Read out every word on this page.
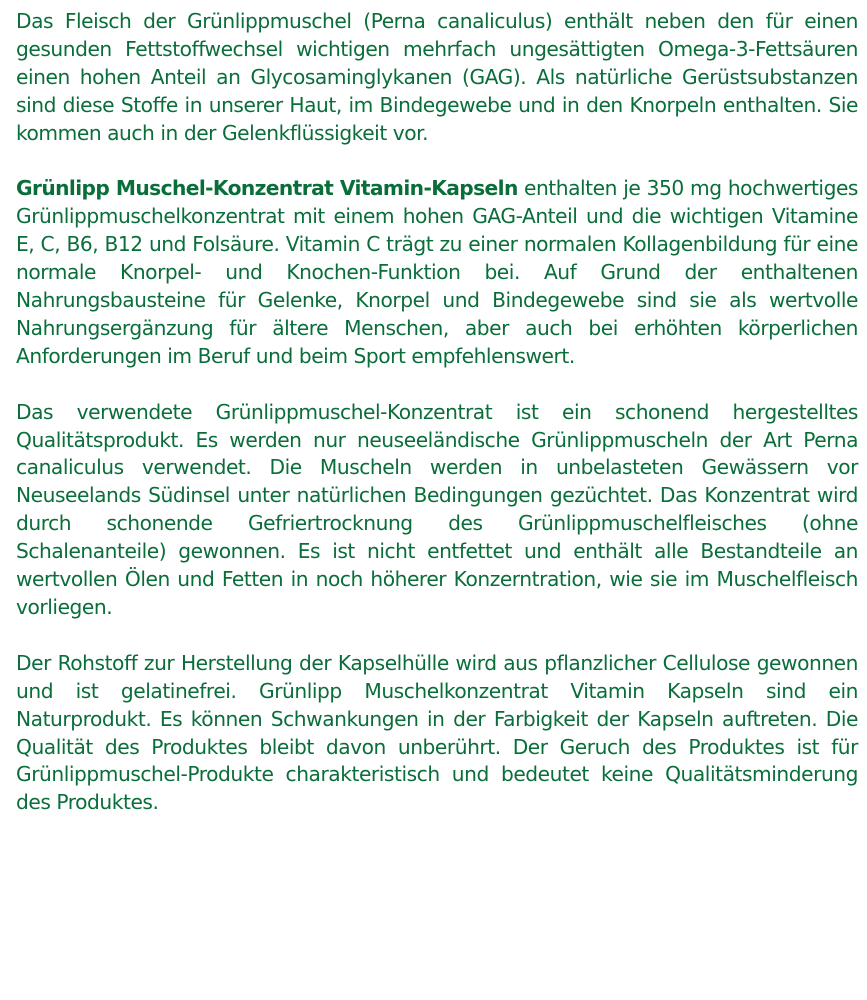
Das Fleisch der Grünlippmuschel (Perna canaliculus) enthält neben den für einen gesunden Fettstoffwechsel wichtigen mehrfach ungesättigten Omega-3-Fettsäuren einen hohen Anteil an Glycosaminglykanen (GAG). Als natürliche Gerüstsubstanzen sind diese Stoffe in unserer Haut, im Bindegewebe und in den Knorpeln enthalten. Sie kommen auch in der Gelenkflüssigkeit vor.

Grünlipp Muschel-Konzentrat Vitamin-Kapseln enthalten je 350 mg hochwertiges Grünlippmuschelkonzentrat mit einem hohen GAG-Anteil und die wichtigen Vitamine E, C, B6, B12 und Folsäure. Vitamin C trägt zu einer normalen Kollagenbildung für eine normale Knorpel- und Knochen-Funktion bei. Auf Grund der enthaltenen Nahrungsbausteine für Gelenke, Knorpel und Bindegewebe sind sie als wertvolle Nahrungsergänzung für ältere Menschen, aber auch bei erhöhten körperlichen Anforderungen im Beruf und beim Sport empfehlenswert.

Das verwendete Grünlippmuschel-Konzentrat ist ein schonend hergestelltes Qualitätsprodukt. Es werden nur neuseeländische Grünlippmuscheln der Art Perna canaliculus verwendet. Die Muscheln werden in unbelasteten Gewässern vor Neuseelands Südinsel unter natürlichen Bedingungen gezüchtet. Das Konzentrat wird durch schonende Gefriertrocknung des Grünlippmuschelfleisches (ohne Schalenanteile) gewonnen. Es ist nicht entfettet und enthält alle Bestandteile an wertvollen Ölen und Fetten in noch höherer Konzerntration, wie sie im Muschelfleisch vorliegen.

Der Rohstoff zur Herstellung der Kapselhülle wird aus pflanzlicher Cellulose gewonnen und ist gelatinefrei. Grünlipp Muschelkonzentrat Vitamin Kapseln sind ein Naturprodukt. Es können Schwankungen in der Farbigkeit der Kapseln auftreten. Die Qualität des Produktes bleibt davon unberührt. Der Geruch des Produktes ist für Grünlippmuschel-Produkte charakteristisch und bedeutet keine Qualitätsminderung des Produktes.
